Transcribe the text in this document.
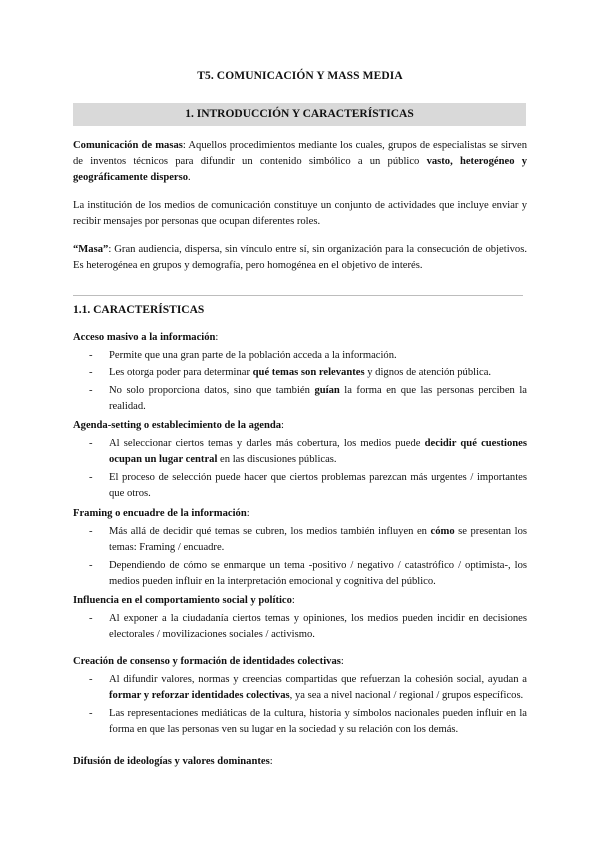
T5. COMUNICACIÓN Y MASS MEDIA
1. INTRODUCCIÓN Y CARACTERÍSTICAS

Comunicación de masas: Aquellos procedimientos mediante los cuales, grupos de especialistas se sirven de inventos técnicos para difundir un contenido simbólico a un público vasto, heterogéneo y geográficamente disperso.

La institución de los medios de comunicación constituye un conjunto de actividades que incluye enviar y recibir mensajes por personas que ocupan diferentes roles.

“Masa”: Gran audiencia, dispersa, sin vínculo entre sí, sin organización para la consecución de objetivos. Es heterogénea en grupos y demografía, pero homogénea en el objetivo de interés.

1.1. CARACTERÍSTICAS
Acceso masivo a la información:
- Permite que una gran parte de la población acceda a la información.
- Les otorga poder para determinar qué temas son relevantes y dignos de atención pública.
- No solo proporciona datos, sino que también guían la forma en que las personas perciben la realidad.
Agenda-setting o establecimiento de la agenda:
- Al seleccionar ciertos temas y darles más cobertura, los medios puede decidir qué cuestiones ocupan un lugar central en las discusiones públicas.
- El proceso de selección puede hacer que ciertos problemas parezcan más urgentes / importantes que otros.
Framing o encuadre de la información:
- Más allá de decidir qué temas se cubren, los medios también influyen en cómo se presentan los temas: Framing / encuadre.
- Dependiendo de cómo se enmarque un tema -positivo / negativo / catastrófico / optimista-, los medios pueden influir en la interpretación emocional y cognitiva del público.
Influencia en el comportamiento social y político:
- Al exponer a la ciudadanía ciertos temas y opiniones, los medios pueden incidir en decisiones electorales / movilizaciones sociales / activismo.
Creación de consenso y formación de identidades colectivas:
- Al difundir valores, normas y creencias compartidas que refuerzan la cohesión social, ayudan a formar y reforzar identidades colectivas, ya sea a nivel nacional / regional / grupos específicos.
- Las representaciones mediáticas de la cultura, historia y símbolos nacionales pueden influir en la forma en que las personas ven su lugar en la sociedad y su relación con los demás.
Difusión de ideologías y valores dominantes:
